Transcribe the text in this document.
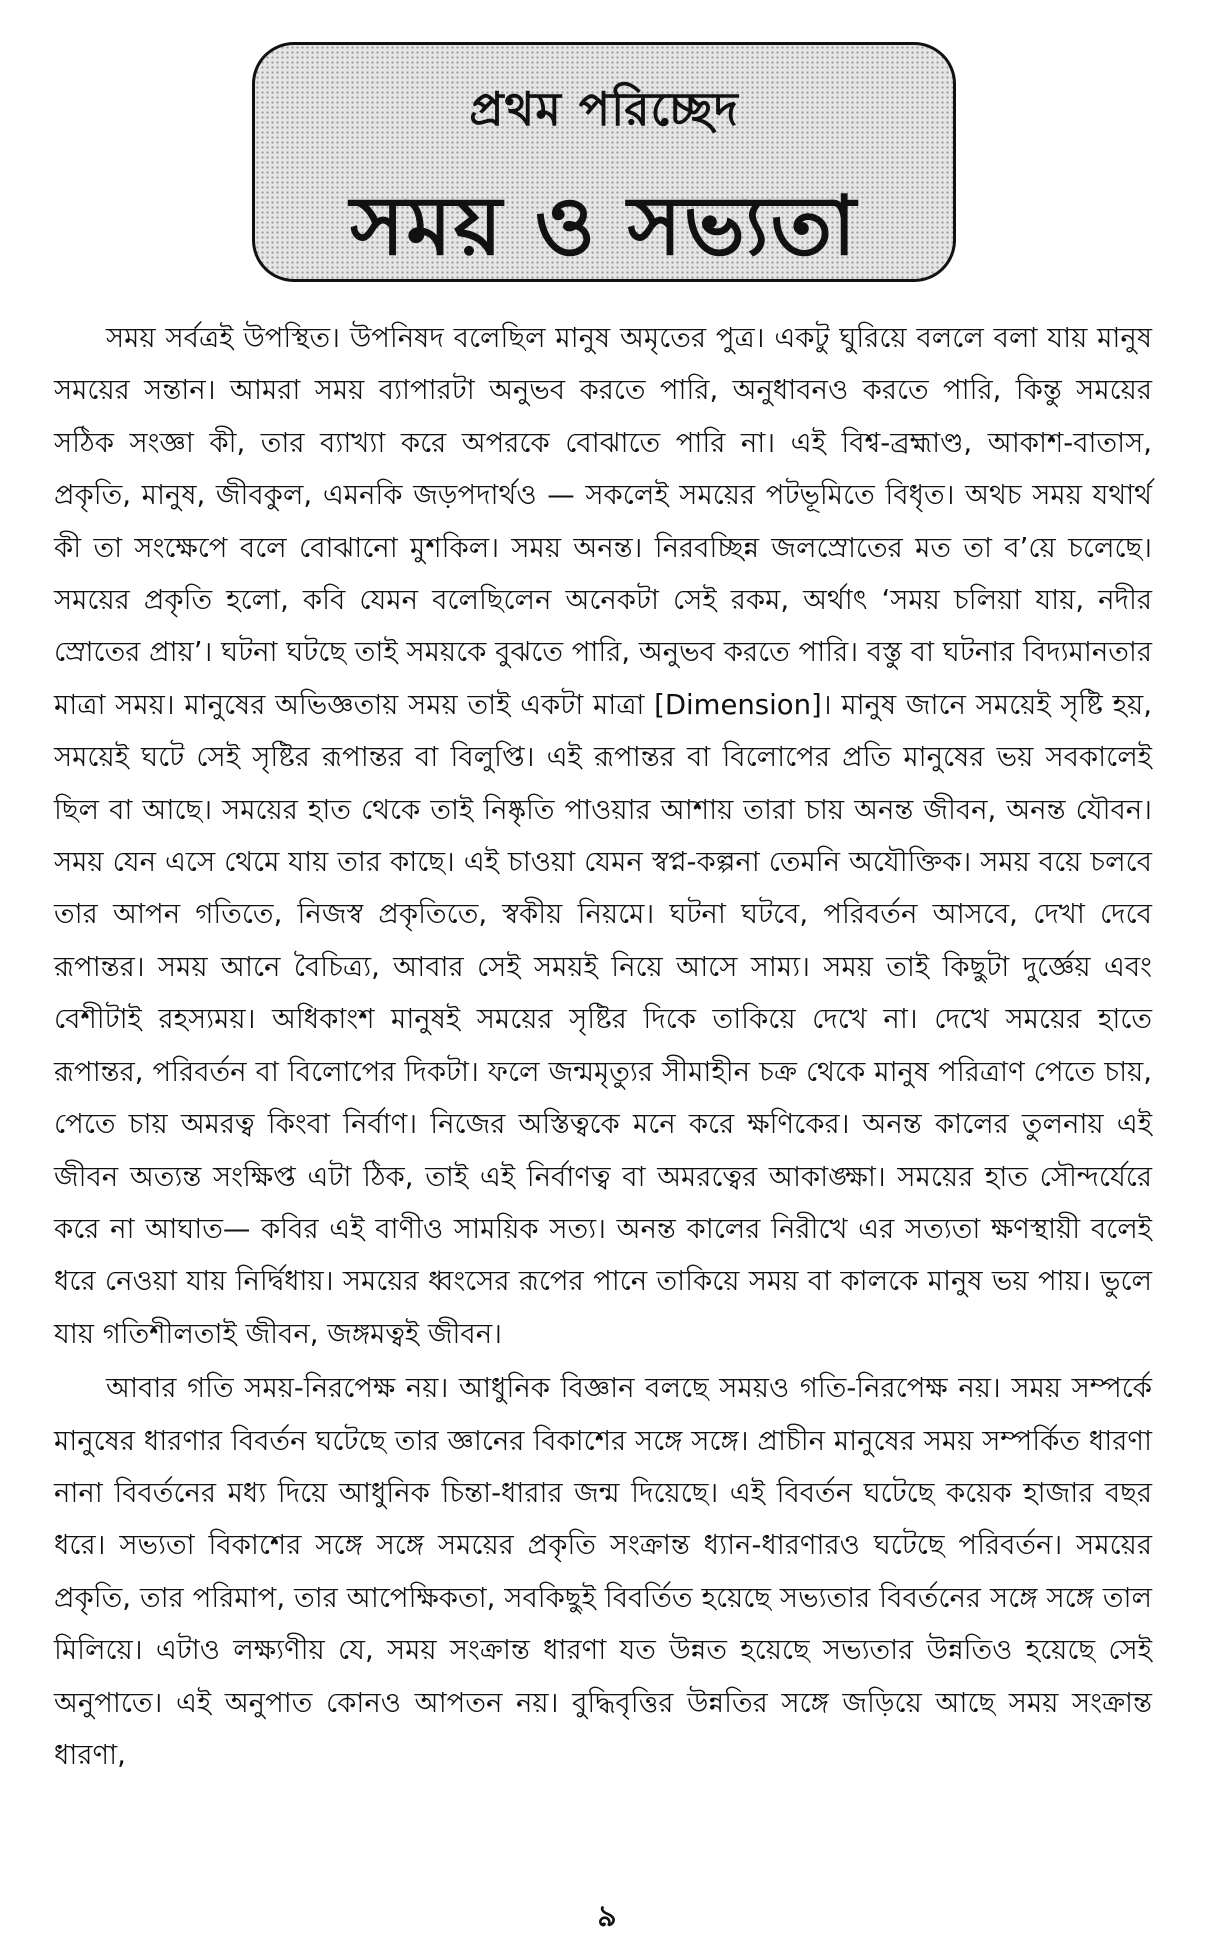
প্রথম পরিচ্ছেদ
সময় ও সভ্যতা

সময় সর্বত্রই উপস্থিত। উপনিষদ বলেছিল মানুষ অমৃতের পুত্র। একটু ঘুরিয়ে বললে বলা যায় মানুষ সময়ের সন্তান। আমরা সময় ব্যাপারটা অনুভব করতে পারি, অনুধাবনও করতে পারি, কিন্তু সময়ের সঠিক সংজ্ঞা কী, তার ব্যাখ্যা করে অপরকে বোঝাতে পারি না। এই বিশ্ব-ব্রহ্মাণ্ড, আকাশ-বাতাস, প্রকৃতি, মানুষ, জীবকুল, এমনকি জড়পদার্থও — সকলেই সময়ের পটভূমিতে বিধৃত। অথচ সময় যথার্থ কী তা সংক্ষেপে বলে বোঝানো মুশকিল। সময় অনন্ত। নিরবচ্ছিন্ন জলস্রোতের মত তা ব’য়ে চলেছে। সময়ের প্রকৃতি হলো, কবি যেমন বলেছিলেন অনেকটা সেই রকম, অর্থাৎ ‘সময় চলিয়া যায়, নদীর স্রোতের প্রায়’। ঘটনা ঘটছে তাই সময়কে বুঝতে পারি, অনুভব করতে পারি। বস্তু বা ঘটনার বিদ্যমানতার মাত্রা সময়। মানুষের অভিজ্ঞতায় সময় তাই একটা মাত্রা [Dimension]। মানুষ জানে সময়েই সৃষ্টি হয়, সময়েই ঘটে সেই সৃষ্টির রূপান্তর বা বিলুপ্তি। এই রূপান্তর বা বিলোপের প্রতি মানুষের ভয় সবকালেই ছিল বা আছে। সময়ের হাত থেকে তাই নিষ্কৃতি পাওয়ার আশায় তারা চায় অনন্ত জীবন, অনন্ত যৌবন। সময় যেন এসে থেমে যায় তার কাছে। এই চাওয়া যেমন স্বপ্ন-কল্পনা তেমনি অযৌক্তিক। সময় বয়ে চলবে তার আপন গতিতে, নিজস্ব প্রকৃতিতে, স্বকীয় নিয়মে। ঘটনা ঘটবে, পরিবর্তন আসবে, দেখা দেবে রূপান্তর। সময় আনে বৈচিত্র্য, আবার সেই সময়ই নিয়ে আসে সাম্য। সময় তাই কিছুটা দুর্জ্ঞেয় এবং বেশীটাই রহস্যময়। অধিকাংশ মানুষই সময়ের সৃষ্টির দিকে তাকিয়ে দেখে না। দেখে সময়ের হাতে রূপান্তর, পরিবর্তন বা বিলোপের দিকটা। ফলে জন্মমৃত্যুর সীমাহীন চক্র থেকে মানুষ পরিত্রাণ পেতে চায়, পেতে চায় অমরত্ব কিংবা নির্বাণ। নিজের অস্তিত্বকে মনে করে ক্ষণিকের। অনন্ত কালের তুলনায় এই জীবন অত্যন্ত সংক্ষিপ্ত এটা ঠিক, তাই এই নির্বাণত্ব বা অমরত্বের আকাঙ্ক্ষা। সময়ের হাত সৌন্দর্যেরে করে না আঘাত— কবির এই বাণীও সাময়িক সত্য। অনন্ত কালের নিরীখে এর সত্যতা ক্ষণস্থায়ী বলেই ধরে নেওয়া যায় নির্দ্বিধায়। সময়ের ধ্বংসের রূপের পানে তাকিয়ে সময় বা কালকে মানুষ ভয় পায়। ভুলে যায় গতিশীলতাই জীবন, জঙ্গমত্বই জীবন।

আবার গতি সময়-নিরপেক্ষ নয়। আধুনিক বিজ্ঞান বলছে সময়ও গতি-নিরপেক্ষ নয়। সময় সম্পর্কে মানুষের ধারণার বিবর্তন ঘটেছে তার জ্ঞানের বিকাশের সঙ্গে সঙ্গে। প্রাচীন মানুষের সময় সম্পর্কিত ধারণা নানা বিবর্তনের মধ্য দিয়ে আধুনিক চিন্তা-ধারার জন্ম দিয়েছে। এই বিবর্তন ঘটেছে কয়েক হাজার বছর ধরে। সভ্যতা বিকাশের সঙ্গে সঙ্গে সময়ের প্রকৃতি সংক্রান্ত ধ্যান-ধারণারও ঘটেছে পরিবর্তন। সময়ের প্রকৃতি, তার পরিমাপ, তার আপেক্ষিকতা, সবকিছুই বিবর্তিত হয়েছে সভ্যতার বিবর্তনের সঙ্গে সঙ্গে তাল মিলিয়ে। এটাও লক্ষ্যণীয় যে, সময় সংক্রান্ত ধারণা যত উন্নত হয়েছে সভ্যতার উন্নতিও হয়েছে সেই অনুপাতে। এই অনুপাত কোনও আপতন নয়। বুদ্ধিবৃত্তির উন্নতির সঙ্গে জড়িয়ে আছে সময় সংক্রান্ত ধারণা,

৯
